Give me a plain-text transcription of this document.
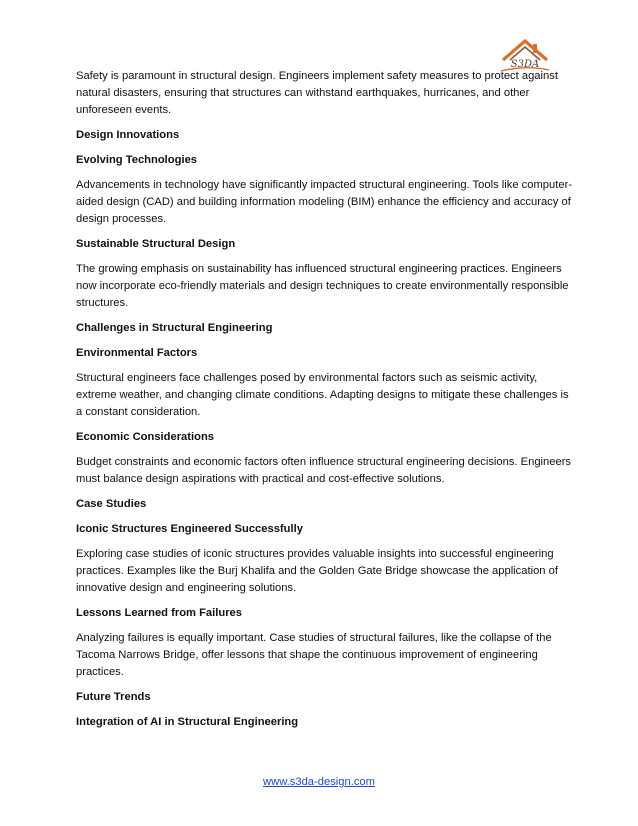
S3DA

Safety is paramount in structural design. Engineers implement safety measures to protect against natural disasters, ensuring that structures can withstand earthquakes, hurricanes, and other unforeseen events.

Design Innovations

Evolving Technologies

Advancements in technology have significantly impacted structural engineering. Tools like computer-aided design (CAD) and building information modeling (BIM) enhance the efficiency and accuracy of design processes.

Sustainable Structural Design

The growing emphasis on sustainability has influenced structural engineering practices. Engineers now incorporate eco-friendly materials and design techniques to create environmentally responsible structures.

Challenges in Structural Engineering

Environmental Factors

Structural engineers face challenges posed by environmental factors such as seismic activity, extreme weather, and changing climate conditions. Adapting designs to mitigate these challenges is a constant consideration.

Economic Considerations

Budget constraints and economic factors often influence structural engineering decisions. Engineers must balance design aspirations with practical and cost-effective solutions.

Case Studies

Iconic Structures Engineered Successfully

Exploring case studies of iconic structures provides valuable insights into successful engineering practices. Examples like the Burj Khalifa and the Golden Gate Bridge showcase the application of innovative design and engineering solutions.

Lessons Learned from Failures

Analyzing failures is equally important. Case studies of structural failures, like the collapse of the Tacoma Narrows Bridge, offer lessons that shape the continuous improvement of engineering practices.

Future Trends

Integration of AI in Structural Engineering

www.s3da-design.com
